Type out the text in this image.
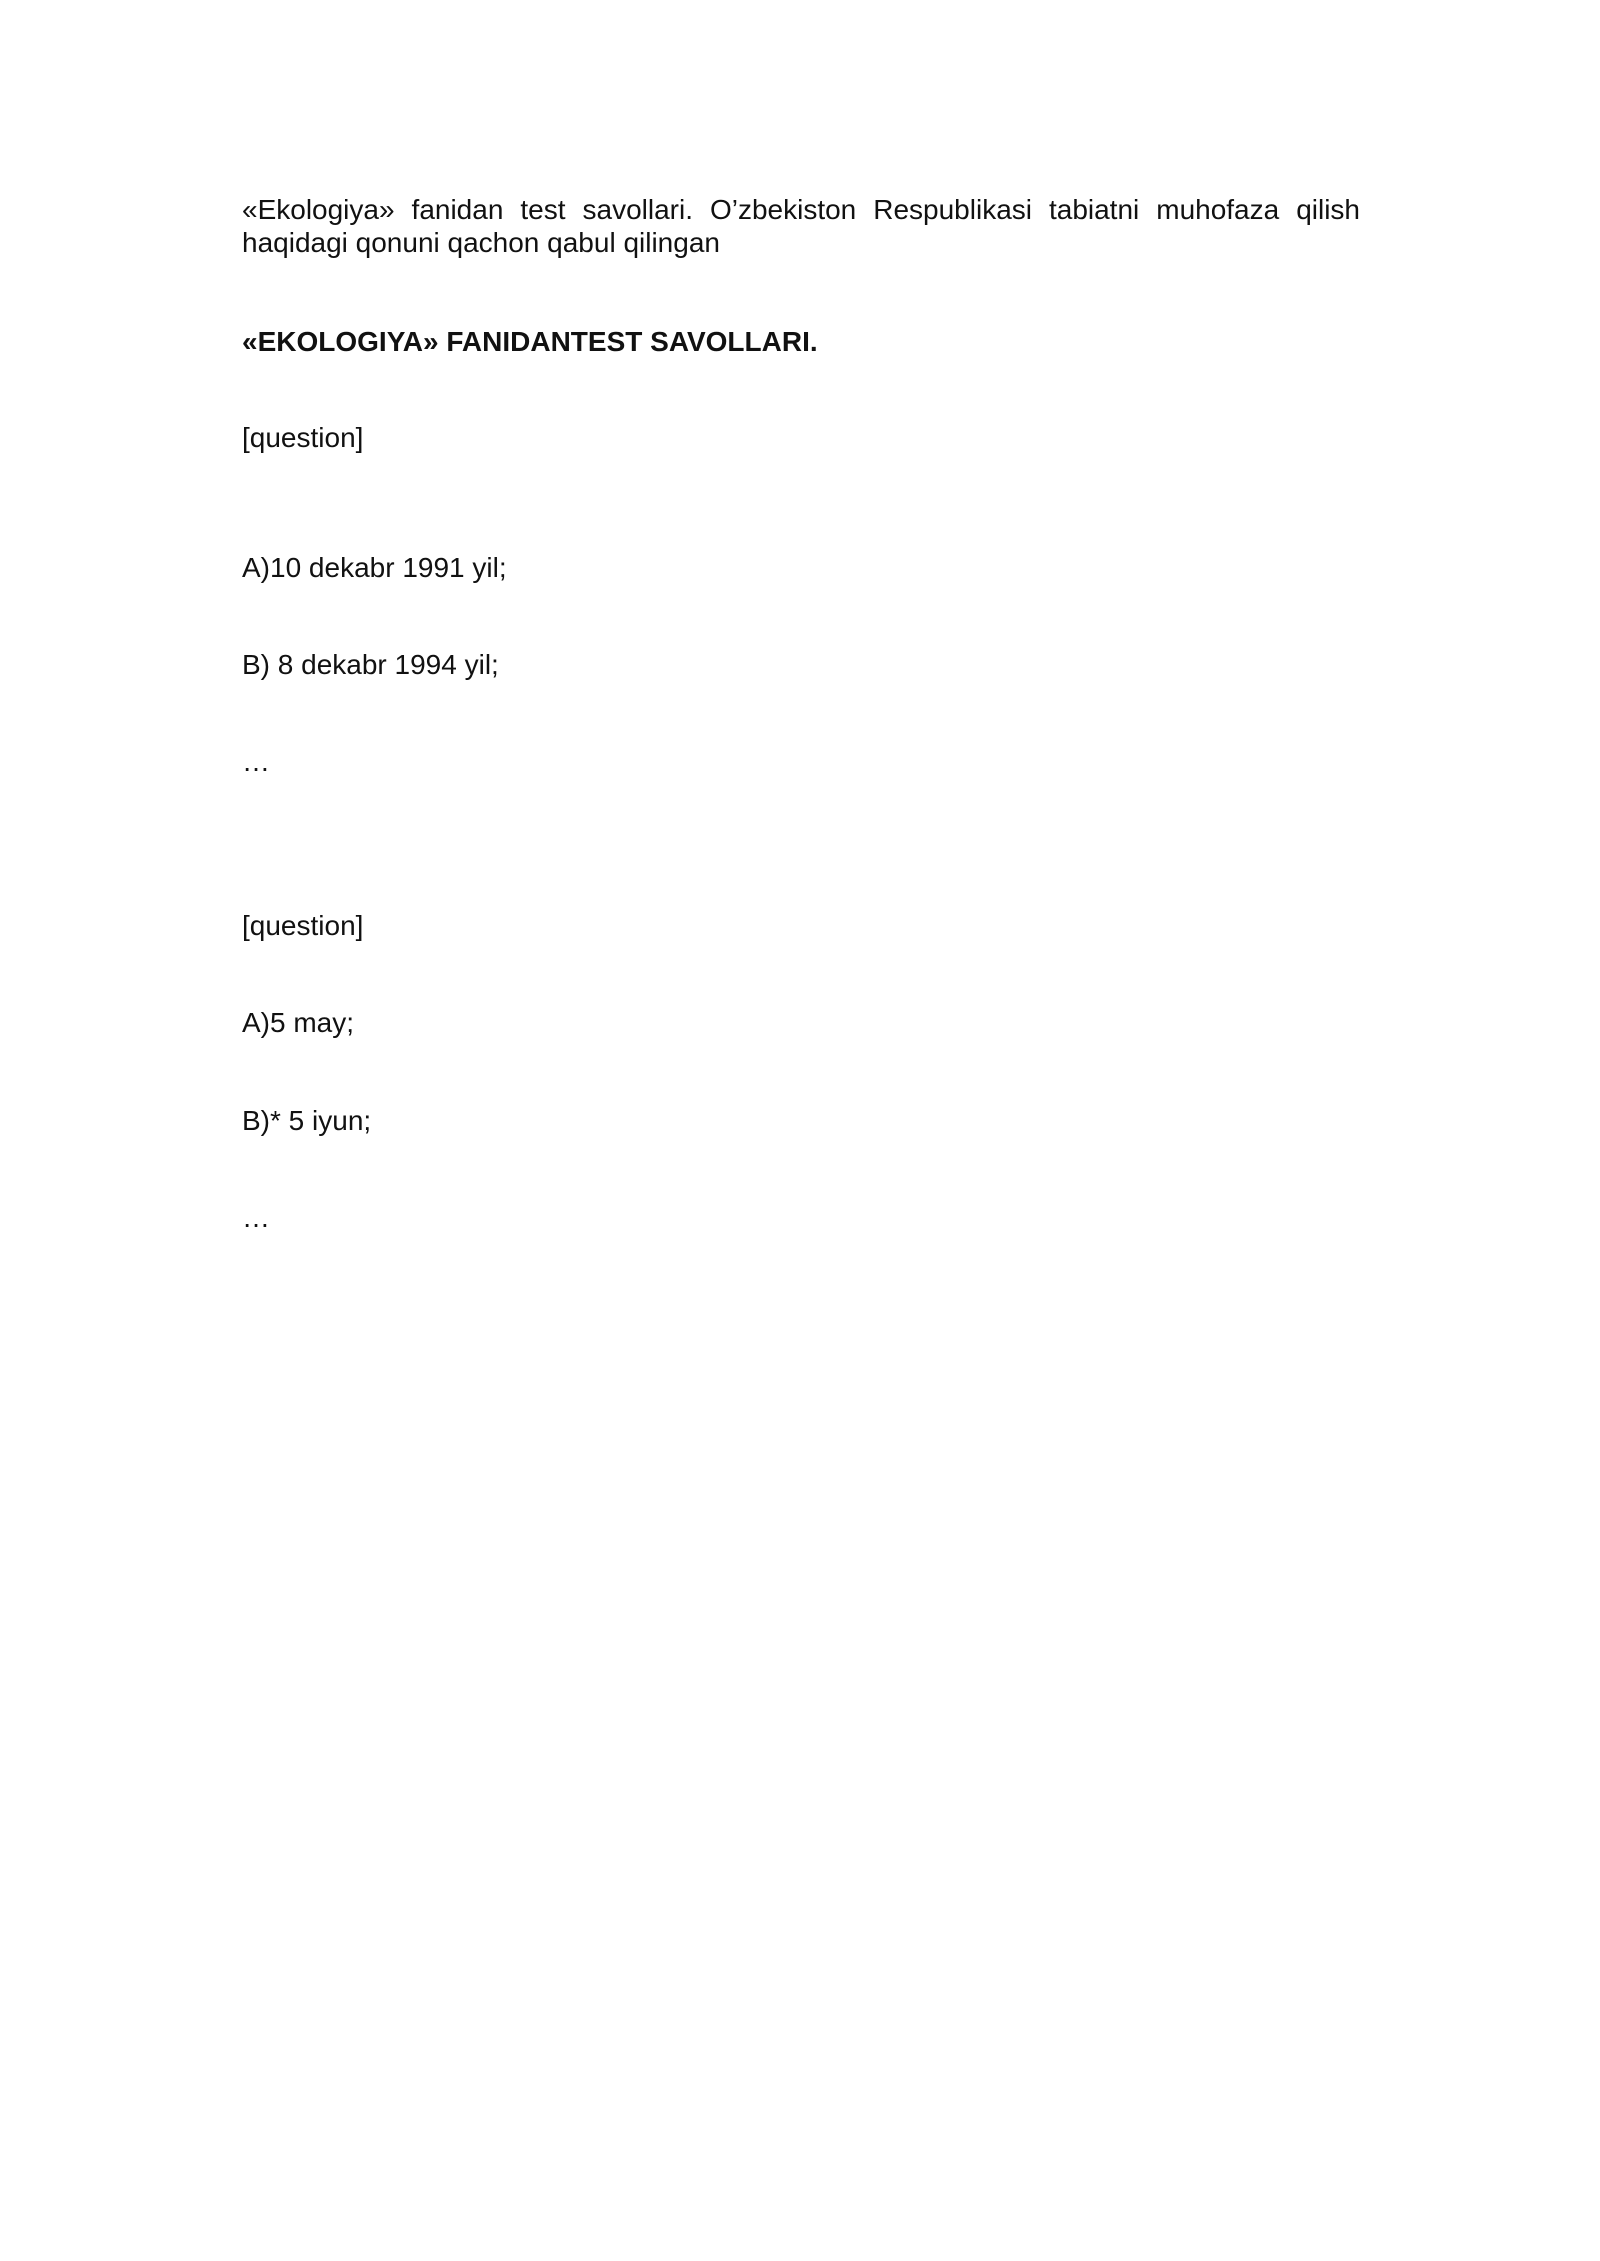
«Ekologiya» fanidan test savollari. O’zbekiston Respublikasi tabiatni muhofaza qilish haqidagi qonuni qachon qabul qilingan

«EKOLOGIYA» FANIDANTEST SAVOLLARI.

[question]

A)10 dekabr 1991 yil;

B) 8 dekabr 1994 yil;

…

[question]

A)5 may;

B)* 5 iyun;

…
